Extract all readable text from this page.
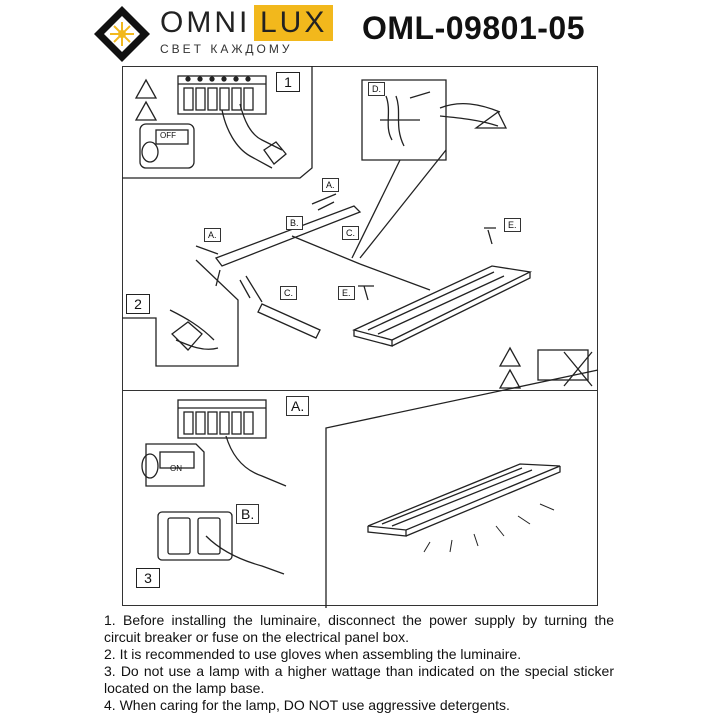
OMNI LUX
СВЕТ КАЖДОМУ
OML-09801-05
1
2
3
OFF
ON
A.
A.
B.
C.
C.
D.
E.
E.
A.
B.

1. Before installing the luminaire, disconnect the power supply by turning the

circuit breaker or fuse on the electrical panel box.

2. It is recommended to use gloves when assembling the luminaire.

3. Do not use a lamp with a higher wattage than indicated on the special sticker

located on the lamp base.

4. When caring for the lamp, DO NOT use aggressive detergents.
